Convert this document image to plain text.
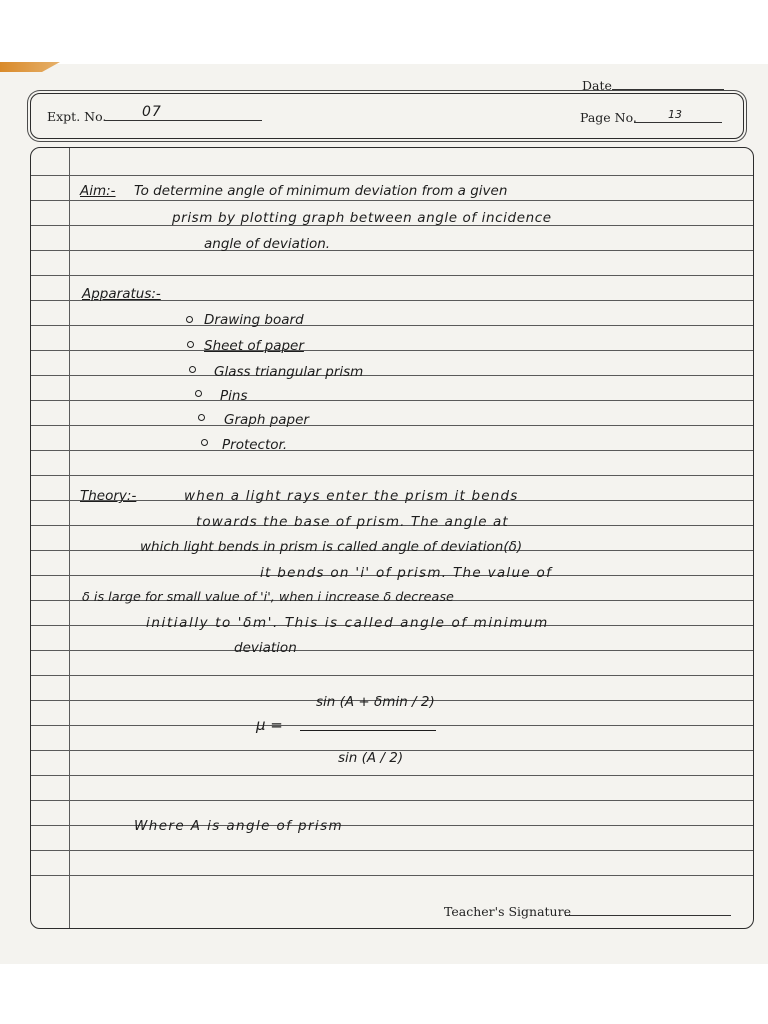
Date
Expt. No.	07	Page No.	13
Aim:- To determine angle of minimum deviation from a given
prism by plotting graph between angle of incidence
angle of deviation.
Apparatus:-
Drawing board
Sheet of paper
Glass triangular prism
Pins
Graph paper
Protector.
Theory:-	when a light rays enter the prism it bends
towards the base of prism. The angle at
which light bends in prism is called angle of deviation(δ)
it bends on 'i' of prism. The value of
δ is large for small value of 'i', when i increase δ decrease
initially to 'δm'. This is called angle of minimum
deviation
μ =
sin (A + δmin / 2)
sin (A / 2)
Where A is angle of prism
Teacher's Signature
